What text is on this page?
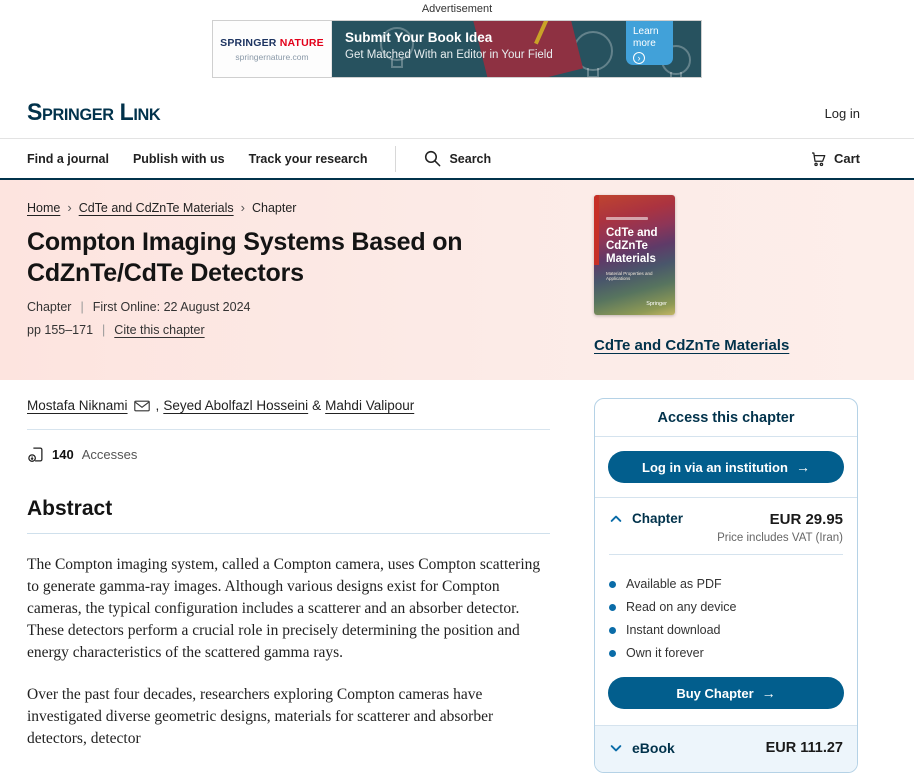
Advertisement
SPRINGER NATURE
springernature.com
Submit Your Book Idea
Get Matched With an Editor in Your Field
Learn more
›
Springer Link	Log in
Find a journal Publish with us Track your research	Search	Cart
Home › CdTe and CdZnTe Materials › Chapter
Compton Imaging Systems Based on CdZnTe/CdTe Detectors
Chapter | First Online: 22 August 2024
pp 155–171 | Cite this chapter
CdTe and CdZnTe Materials
Material Properties and Applications
Springer
CdTe and CdZnTe Materials
Mostafa Niknami , Seyed Abolfazl Hosseini & Mahdi Valipour
140 Accesses
Abstract

The Compton imaging system, called a Compton camera, uses Compton scattering to generate gamma-ray images. Although various designs exist for Compton cameras, the typical configuration includes a scatterer and an absorber detector. These detectors perform a crucial role in precisely determining the position and energy characteristics of the scattered gamma rays.

Over the past four decades, researchers exploring Compton cameras have investigated diverse geometric designs, materials for scatterer and absorber detectors, detector

Access this chapter
Log in via an institution →
Chapter	EUR 29.95
Price includes VAT (Iran)
Available as PDF
Read on any device
Instant download
Own it forever
Buy Chapter →
eBook	EUR 111.27
